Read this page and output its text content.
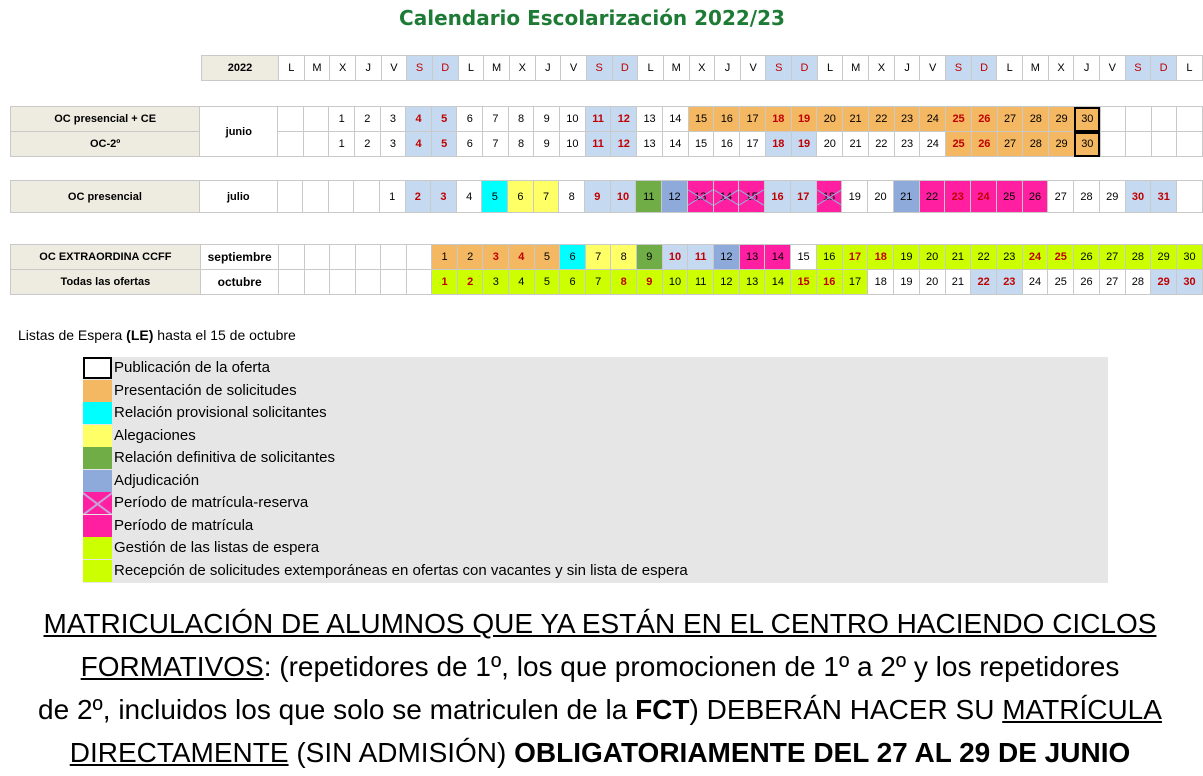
Calendario Escolarización 2022/23
2022	L	M	X	J	V	S	D	L	M	X	J	V	S	D	L	M	X	J	V	S	D	L	M	X	J	V	S	D	L	M	X	J	V	S	D	L
OC presencial + CE	junio			1	2	3	4	5	6	7	8	9	10	11	12	13	14	15	16	17	18	19	20	21	22	23	24	25	26	27	28	29	30				
OC-2º				1	2	3	4	5	6	7	8	9	10	11	12	13	14	15	16	17	18	19	20	21	22	23	24	25	26	27	28	29	30				
OC presencial	julio					1	2	3	4	5	6	7	8	9	10	11	12	13	14	15	16	17	18	19	20	21	22	23	24	25	26	27	28	29	30	31	
OC EXTRAORDINA CCFF	septiembre							1	2	3	4	5	6	7	8	9	10	11	12	13	14	15	16	17	18	19	20	21	22	23	24	25	26	27	28	29	30
Todas las ofertas	octubre							1	2	3	4	5	6	7	8	9	10	11	12	13	14	15	16	17	18	19	20	21	22	23	24	25	26	27	28	29	30
Listas de Espera (LE) hasta el 15 de octubre
Publicación de la oferta
Presentación de solicitudes
Relación provisional solicitantes
Alegaciones
Relación definitiva de solicitantes
Adjudicación
Período de matrícula-reserva
Período de matrícula
Gestión de las listas de espera
Recepción de solicitudes extemporáneas en ofertas con vacantes y sin lista de espera
MATRICULACIÓN DE ALUMNOS QUE YA ESTÁN EN EL CENTRO HACIENDO CICLOS
FORMATIVOS: (repetidores de 1º, los que promocionen de 1º a 2º y los repetidores
de 2º, incluidos los que solo se matriculen de la FCT) DEBERÁN HACER SU MATRÍCULA
DIRECTAMENTE (SIN ADMISIÓN) OBLIGATORIAMENTE DEL 27 AL 29 DE JUNIO
